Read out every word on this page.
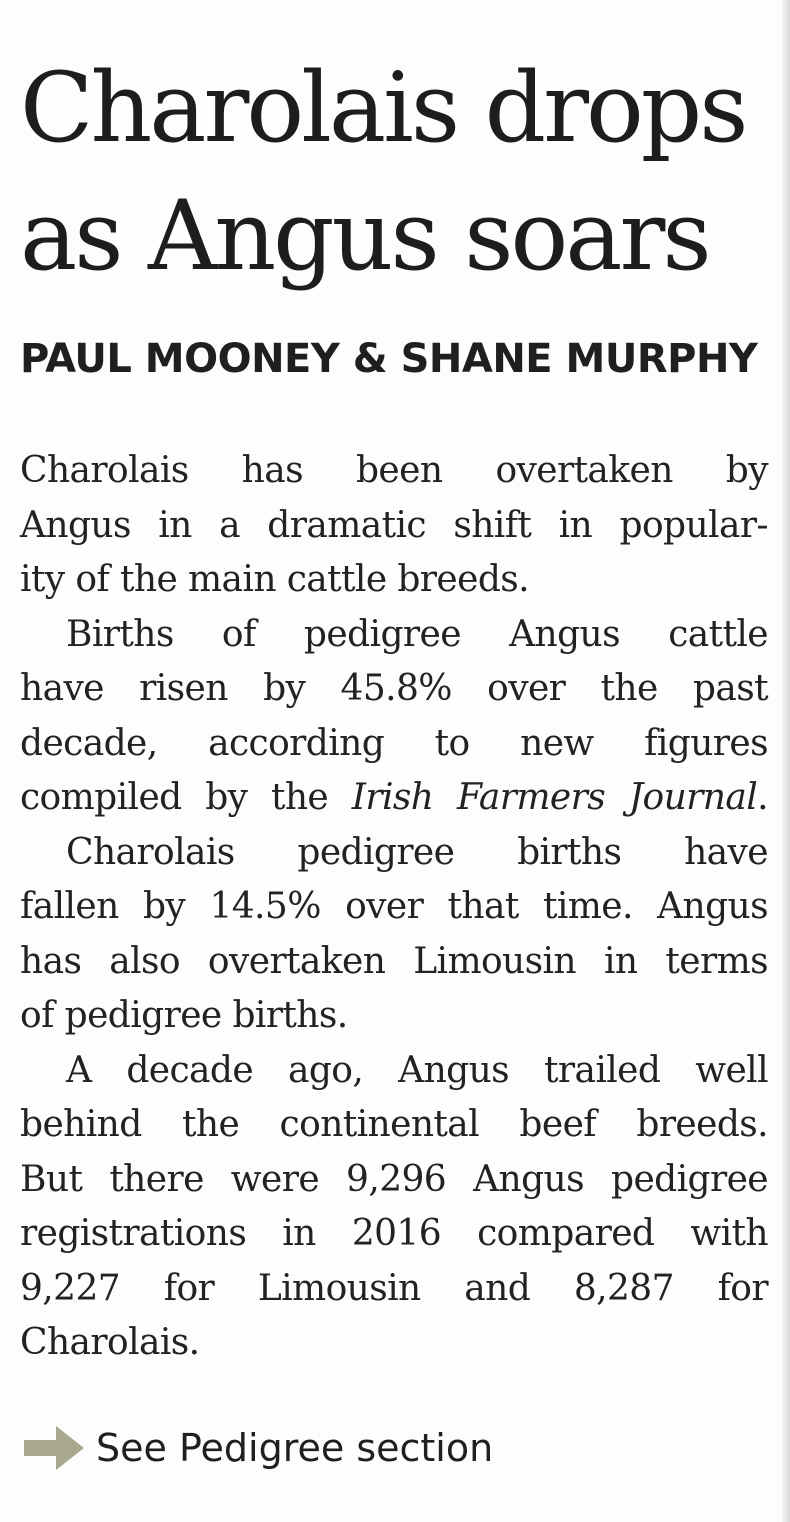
Charolais drops
as Angus soars

PAUL MOONEY & SHANE MURPHY

Charolais has been overtaken by
Angus in a dramatic shift in popular-
ity of the main cattle breeds.
Births of pedigree Angus cattle
have risen by 45.8% over the past
decade, according to new figures
compiled by the Irish Farmers Journal.
Charolais pedigree births have
fallen by 14.5% over that time. Angus
has also overtaken Limousin in terms
of pedigree births.
A decade ago, Angus trailed well
behind the continental beef breeds.
But there were 9,296 Angus pedigree
registrations in 2016 compared with
9,227 for Limousin and 8,287 for
Charolais.
See Pedigree section
